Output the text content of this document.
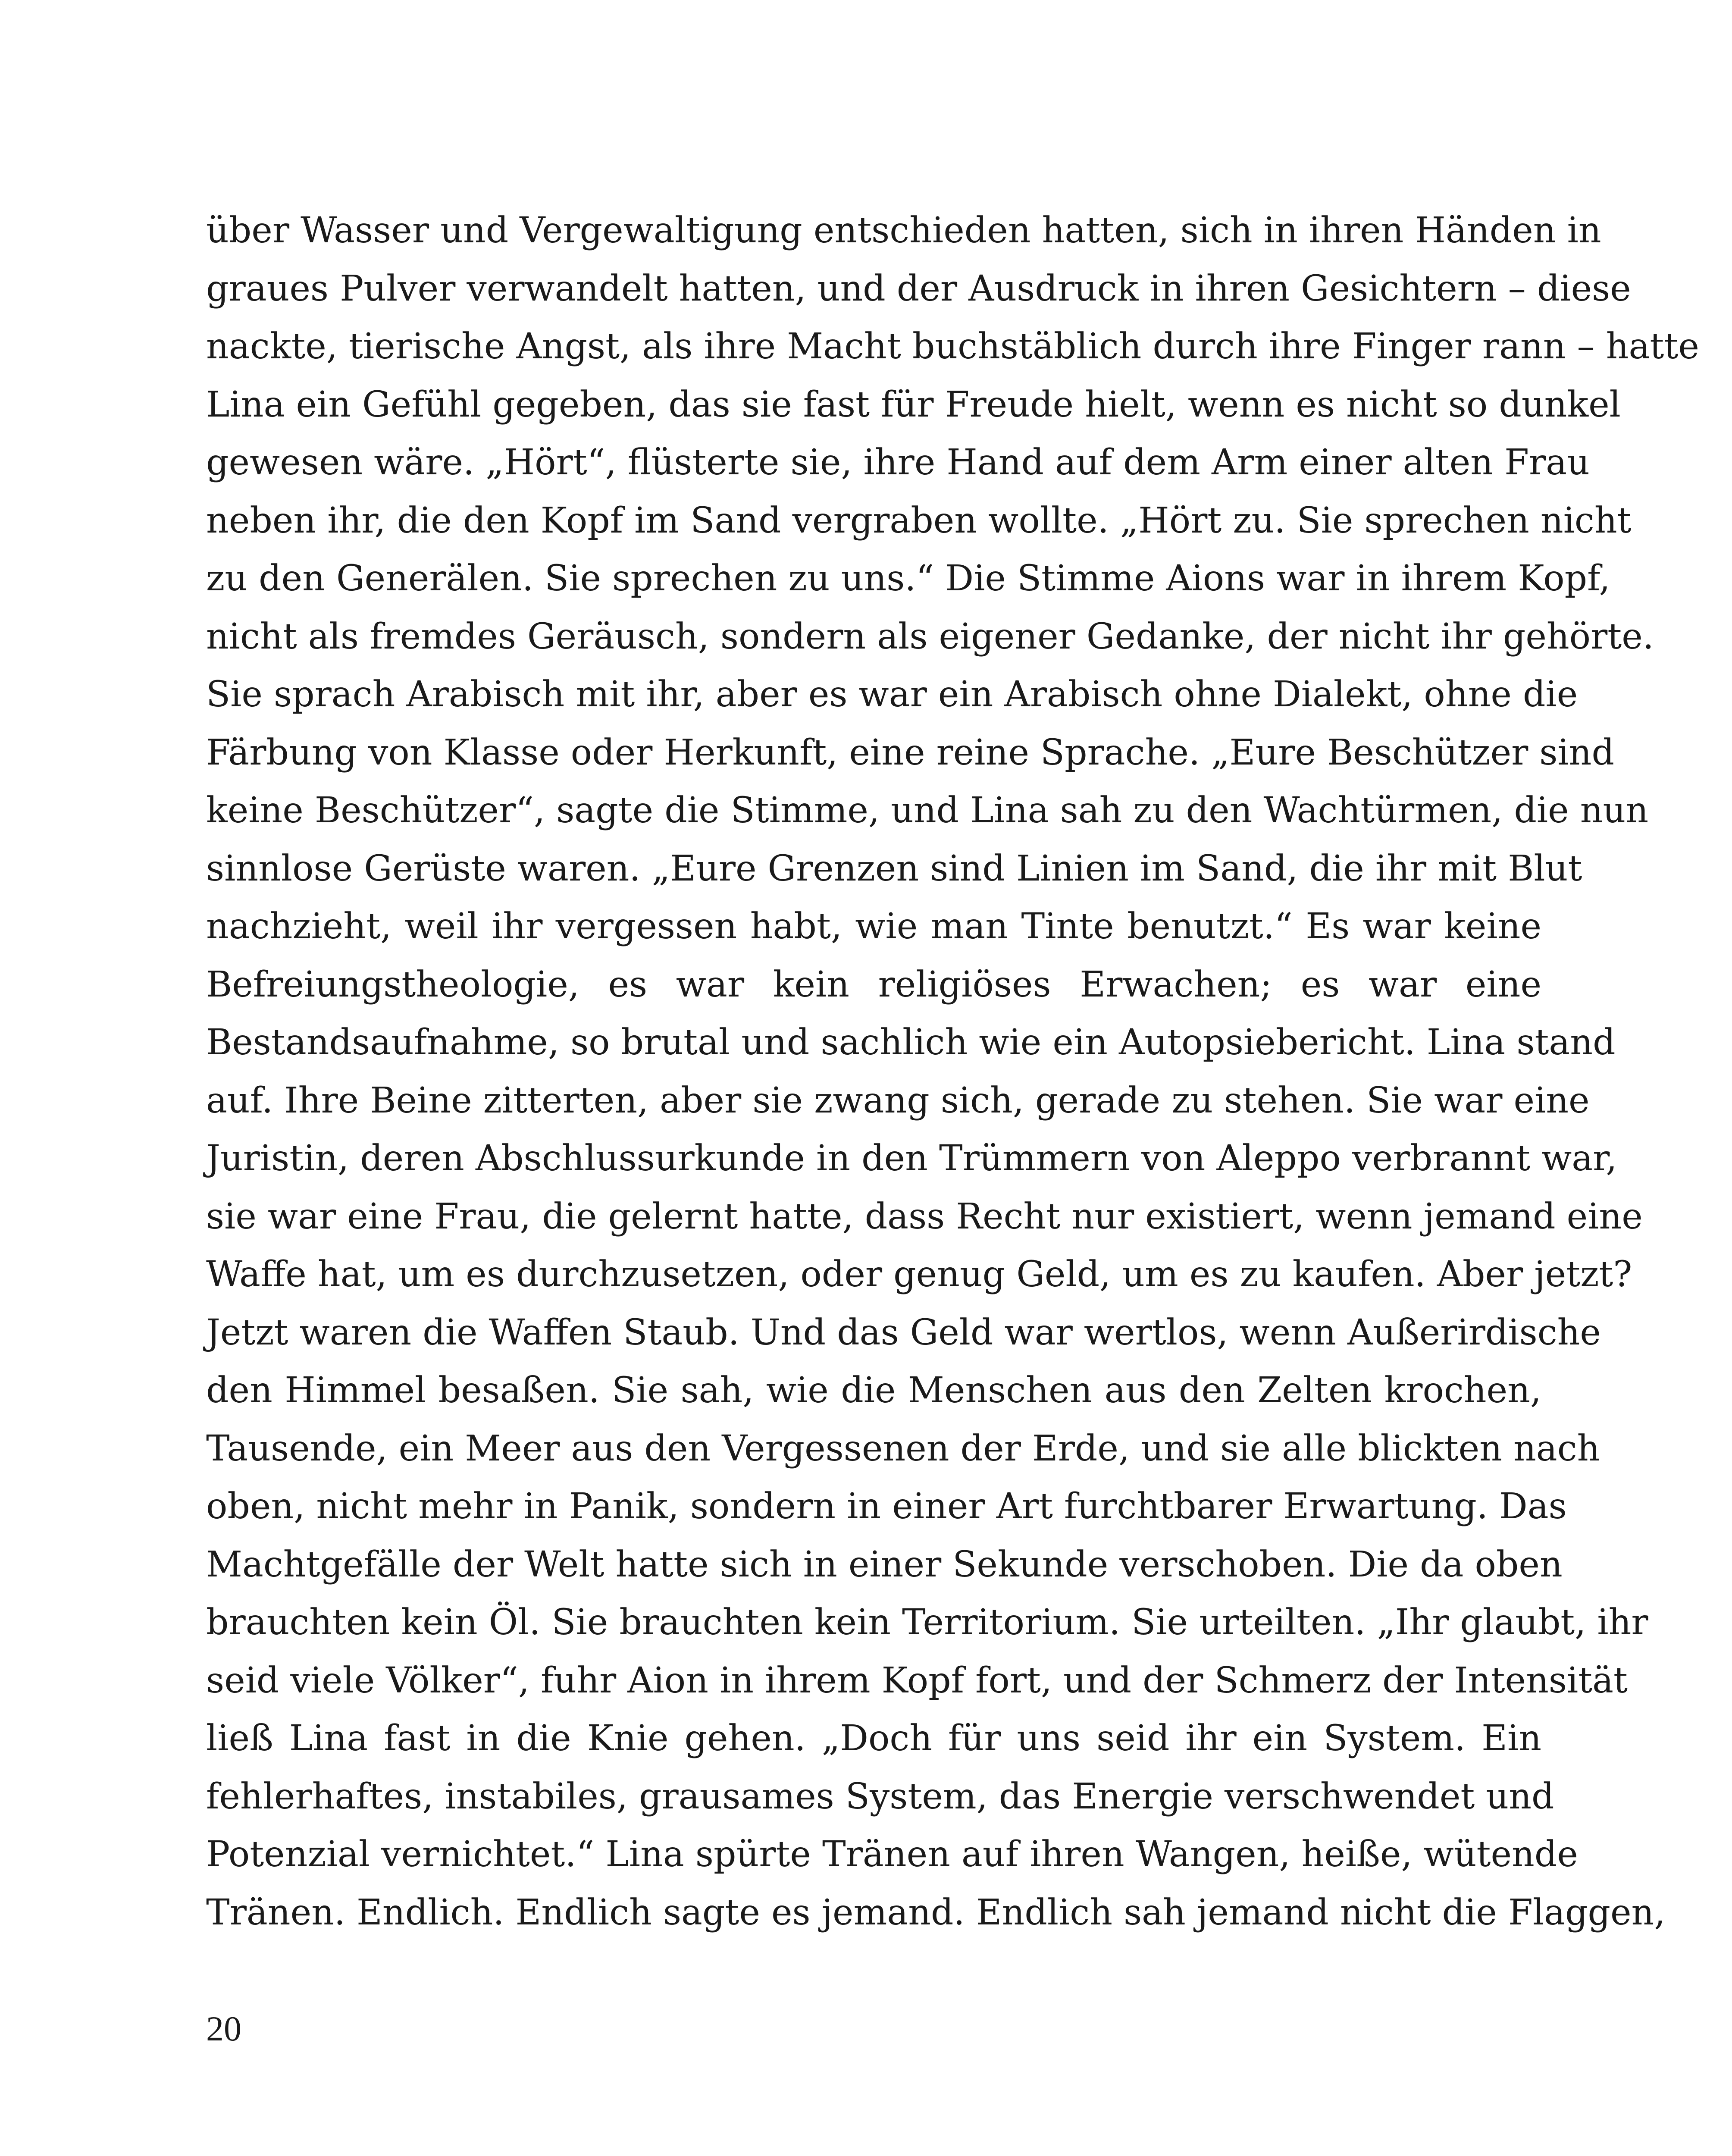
über Wasser und Vergewaltigung entschieden hatten, sich in ihren Händen in
graues Pulver verwandelt hatten, und der Ausdruck in ihren Gesichtern – diese
nackte, tierische Angst, als ihre Macht buchstäblich durch ihre Finger rann – hatte
Lina ein Gefühl gegeben, das sie fast für Freude hielt, wenn es nicht so dunkel
gewesen wäre. „Hört“, flüsterte sie, ihre Hand auf dem Arm einer alten Frau
neben ihr, die den Kopf im Sand vergraben wollte. „Hört zu. Sie sprechen nicht
zu den Generälen. Sie sprechen zu uns.“ Die Stimme Aions war in ihrem Kopf,
nicht als fremdes Geräusch, sondern als eigener Gedanke, der nicht ihr gehörte.
Sie sprach Arabisch mit ihr, aber es war ein Arabisch ohne Dialekt, ohne die
Färbung von Klasse oder Herkunft, eine reine Sprache. „Eure Beschützer sind
keine Beschützer“, sagte die Stimme, und Lina sah zu den Wachtürmen, die nun
sinnlose Gerüste waren. „Eure Grenzen sind Linien im Sand, die ihr mit Blut
nachzieht, weil ihr vergessen habt, wie man Tinte benutzt.“ Es war keine
Befreiungstheologie, es war kein religiöses Erwachen; es war eine
Bestandsaufnahme, so brutal und sachlich wie ein Autopsiebericht. Lina stand
auf. Ihre Beine zitterten, aber sie zwang sich, gerade zu stehen. Sie war eine
Juristin, deren Abschlussurkunde in den Trümmern von Aleppo verbrannt war,
sie war eine Frau, die gelernt hatte, dass Recht nur existiert, wenn jemand eine
Waffe hat, um es durchzusetzen, oder genug Geld, um es zu kaufen. Aber jetzt?
Jetzt waren die Waffen Staub. Und das Geld war wertlos, wenn Außerirdische
den Himmel besaßen. Sie sah, wie die Menschen aus den Zelten krochen,
Tausende, ein Meer aus den Vergessenen der Erde, und sie alle blickten nach
oben, nicht mehr in Panik, sondern in einer Art furchtbarer Erwartung. Das
Machtgefälle der Welt hatte sich in einer Sekunde verschoben. Die da oben
brauchten kein Öl. Sie brauchten kein Territorium. Sie urteilten. „Ihr glaubt, ihr
seid viele Völker“, fuhr Aion in ihrem Kopf fort, und der Schmerz der Intensität
ließ Lina fast in die Knie gehen. „Doch für uns seid ihr ein System. Ein
fehlerhaftes, instabiles, grausames System, das Energie verschwendet und
Potenzial vernichtet.“ Lina spürte Tränen auf ihren Wangen, heiße, wütende
Tränen. Endlich. Endlich sagte es jemand. Endlich sah jemand nicht die Flaggen,
20
